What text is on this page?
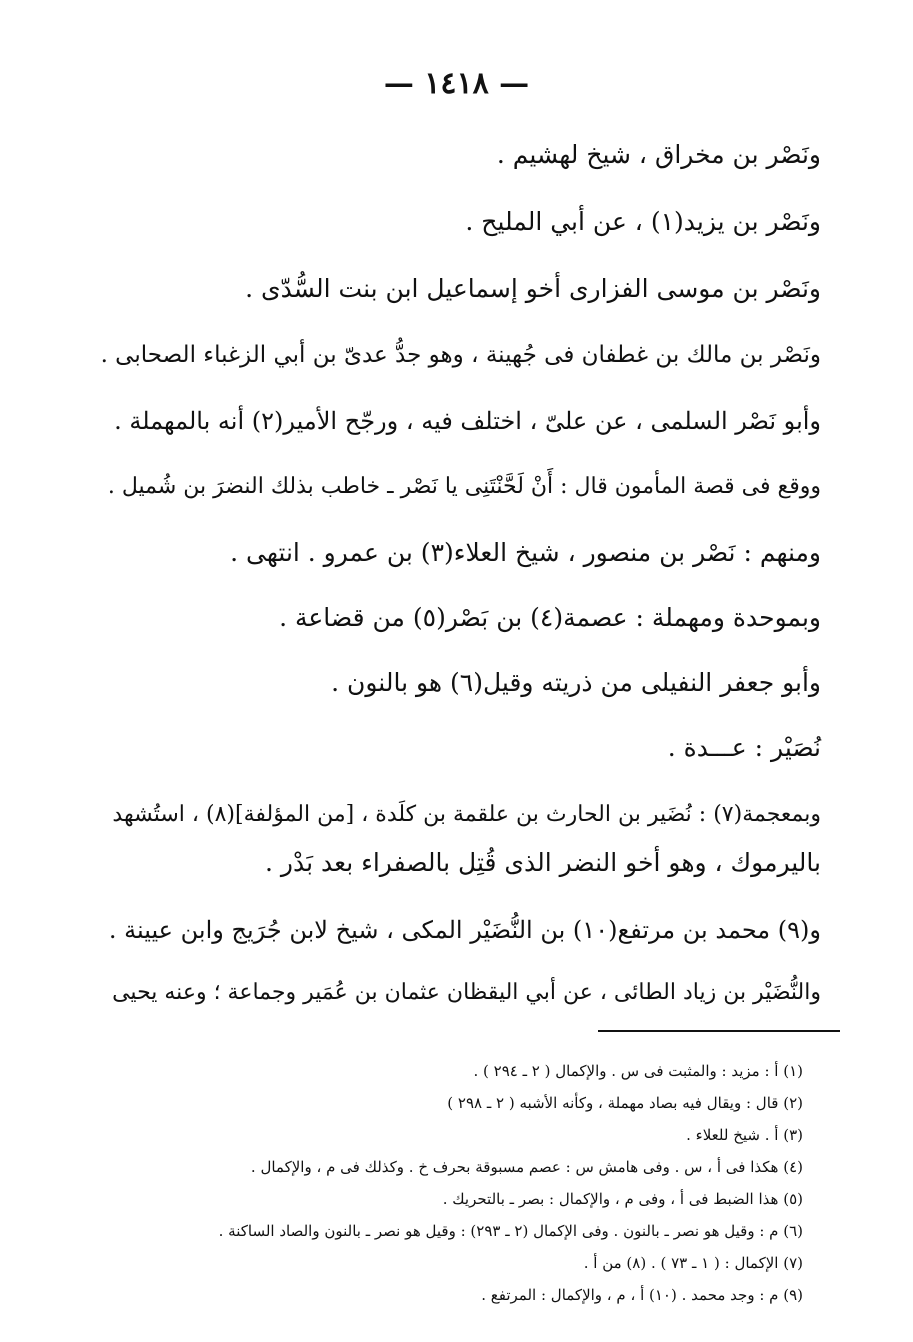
— ١٤١٨ —
ونَصْر بن مخراق ، شيخ لهشيم .
ونَصْر بن يزيد(١) ، عن أبي المليح .
ونَصْر بن موسى الفزارى أخو إسماعيل ابن بنت السُّدّى .
ونَصْر بن مالك بن غطفان فى جُهينة ، وهو جدُّ عدىّ بن أبي الزغباء الصحابى .
وأبو نَصْر السلمى ، عن علىّ ، اختلف فيه ، ورجّح الأمير(٢) أنه بالمهملة .
ووقع فى قصة المأمون قال : أَنْ لَحَّنْتَنِى يا نَصْر ـ خاطب بذلك النضرَ بن شُميل .
ومنهم : نَصْر بن منصور ، شيخ العلاء(٣) بن عمرو . انتهى .
وبموحدة ومهملة : عصمة(٤) بن بَصْر(٥) من قضاعة .
وأبو جعفر النفيلى من ذريته وقيل(٦) هو بالنون .
نُصَيْر : عـــدة .
وبمعجمة(٧) : نُضَير بن الحارث بن علقمة بن كلَدة ، [من المؤلفة](٨) ، استُشهد
باليرموك ، وهو أخو النضر الذى قُتِل بالصفراء بعد بَدْر .
و(٩) محمد بن مرتفع(١٠) بن النُّضَيْر المكى ، شيخ لابن جُرَيج وابن عيينة .
والنُّضَيْر بن زياد الطائى ، عن أبي اليقظان عثمان بن عُمَير وجماعة ؛ وعنه يحيى
(١) أ : مزيد : والمثبت فى س . والإكمال ( ٢ ـ ٢٩٤ ) .
(٢) قال : ويقال فيه بصاد مهملة ، وكأنه الأشبه ( ٢ ـ ٢٩٨ )
(٣) أ . شيخ للعلاء .
(٤) هكذا فى أ ، س . وفى هامش س : عصم مسبوقة بحرف خ . وكذلك فى م ، والإكمال .
(٥) هذا الضبط فى أ ، وفى م ، والإكمال : بصر ـ بالتحريك .
(٦) م : وقيل هو نصر ـ بالنون . وفى الإكمال (٢ ـ ٢٩٣) : وقيل هو نصر ـ بالنون والصاد الساكنة .
(٧) الإكمال : ( ١ ـ ٧٣ ) . (٨) من أ .
(٩) م : وجد محمد . (١٠) أ ، م ، والإكمال : المرتفع .
